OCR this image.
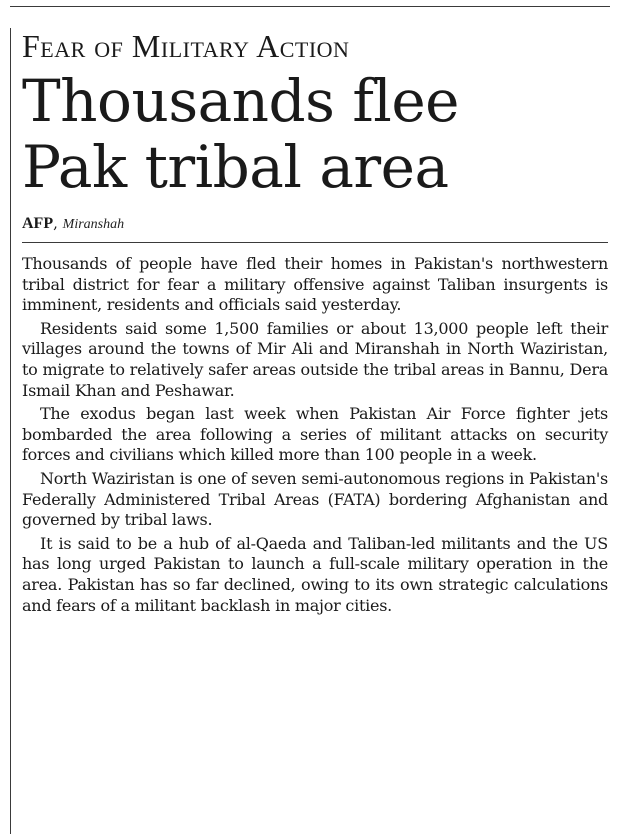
Fear of Military Action
Thousands flee
Pak tribal area
AFP, Miranshah

Thousands of people have fled their homes in Pakistan's northwestern tribal district for fear a military offensive against Taliban insurgents is imminent, residents and officials said yesterday.

Residents said some 1,500 families or about 13,000 people left their villages around the towns of Mir Ali and Miranshah in North Waziristan, to migrate to relatively safer areas outside the tribal areas in Bannu, Dera Ismail Khan and Peshawar.

The exodus began last week when Pakistan Air Force fighter jets bombarded the area following a series of militant attacks on security forces and civilians which killed more than 100 people in a week.

North Waziristan is one of seven semi-autonomous regions in Pakistan's Federally Administered Tribal Areas (FATA) bordering Afghanistan and governed by tribal laws.

It is said to be a hub of al-Qaeda and Taliban-led militants and the US has long urged Pakistan to launch a full-scale military operation in the area. Pakistan has so far declined, owing to its own strategic calculations and fears of a militant backlash in major cities.
